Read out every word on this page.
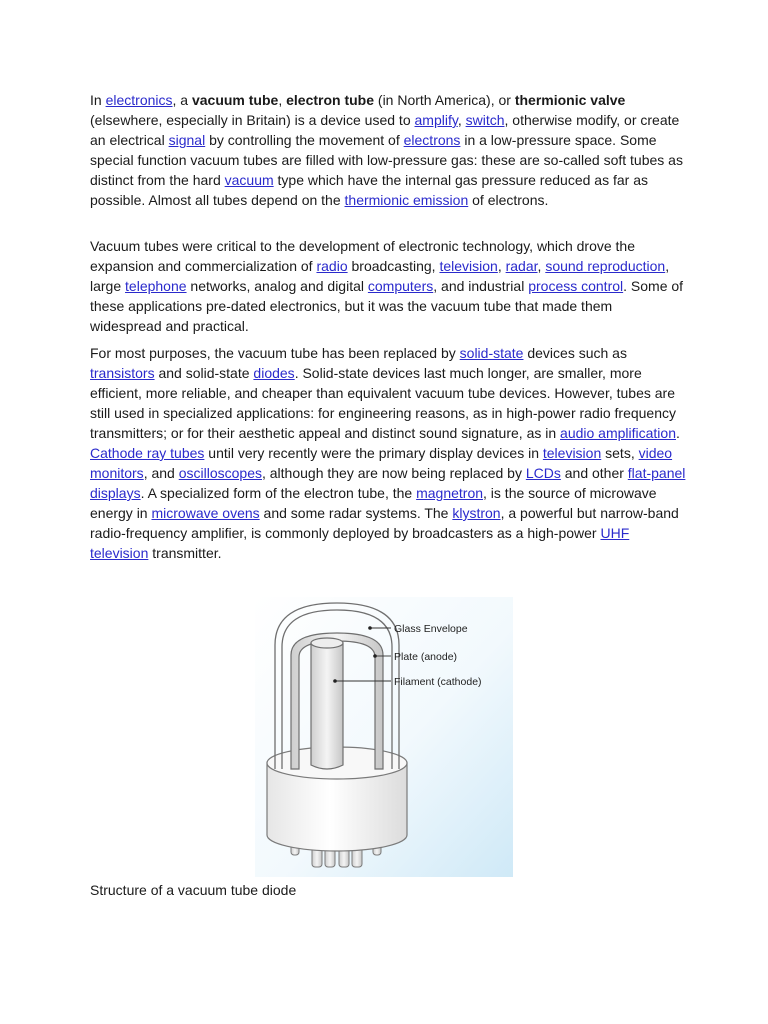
In electronics, a vacuum tube, electron tube (in North America), or thermionic valve (elsewhere, especially in Britain) is a device used to amplify, switch, otherwise modify, or create an electrical signal by controlling the movement of electrons in a low-pressure space. Some special function vacuum tubes are filled with low-pressure gas: these are so-called soft tubes as distinct from the hard vacuum type which have the internal gas pressure reduced as far as possible. Almost all tubes depend on the thermionic emission of electrons.

Vacuum tubes were critical to the development of electronic technology, which drove the expansion and commercialization of radio broadcasting, television, radar, sound reproduction, large telephone networks, analog and digital computers, and industrial process control. Some of these applications pre-dated electronics, but it was the vacuum tube that made them widespread and practical.

For most purposes, the vacuum tube has been replaced by solid-state devices such as transistors and solid-state diodes. Solid-state devices last much longer, are smaller, more efficient, more reliable, and cheaper than equivalent vacuum tube devices. However, tubes are still used in specialized applications: for engineering reasons, as in high-power radio frequency transmitters; or for their aesthetic appeal and distinct sound signature, as in audio amplification. Cathode ray tubes until very recently were the primary display devices in television sets, video monitors, and oscilloscopes, although they are now being replaced by LCDs and other flat-panel displays. A specialized form of the electron tube, the magnetron, is the source of microwave energy in microwave ovens and some radar systems. The klystron, a powerful but narrow-band radio-frequency amplifier, is commonly deployed by broadcasters as a high-power UHF television transmitter.

Glass Envelope
Plate (anode)
Filament (cathode)
Structure of a vacuum tube diode
